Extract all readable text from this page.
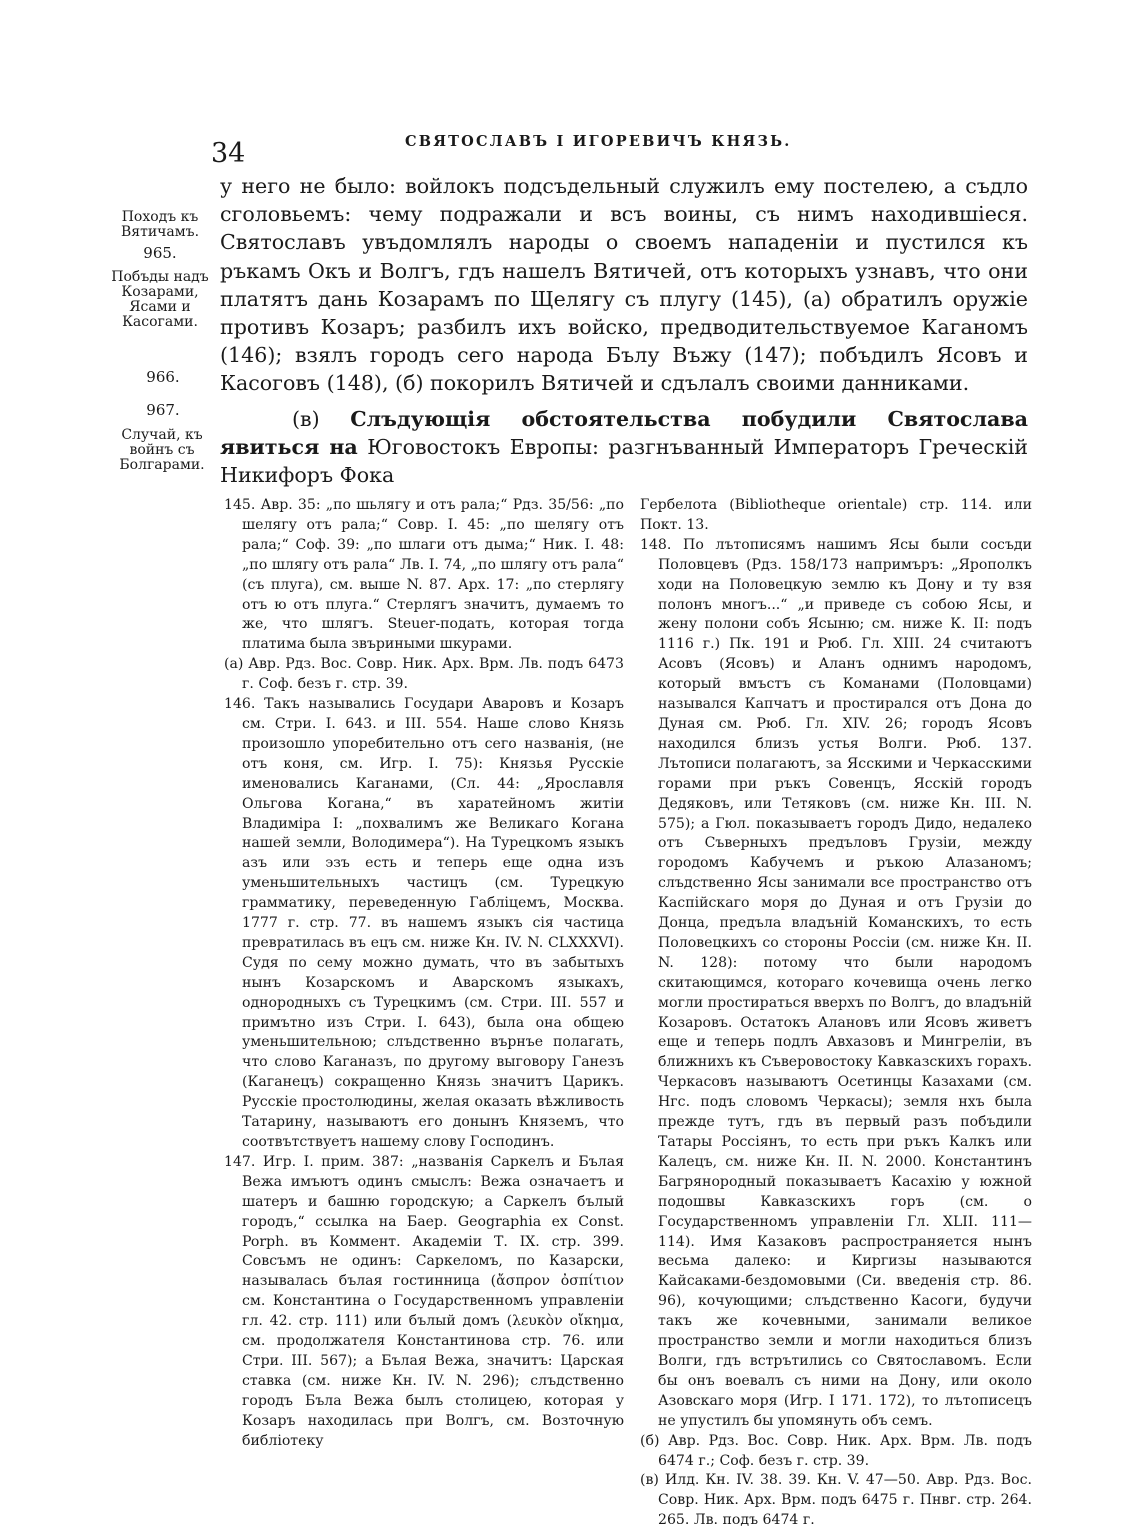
34	СВЯТОСЛАВЪ І ИГОРЕВИЧЪ КНЯЗЬ.
Походъ къ Вятичамъ.
965.
Побъды надъ Козарами, Ясами и Касогами.
966.
967.
Случай, къ войнъ съ Болгарами.

у него не было: войлокъ подсъдельный служилъ ему постелею, а съдло сголовьемъ: чему подражали и всъ воины, съ нимъ находившіеся. Святославъ увъдомлялъ народы о своемъ нападеніи и пустился къ ръкамъ Окъ и Волгъ, гдъ нашелъ Вятичей, отъ которыхъ узнавъ, что они платятъ дань Козарамъ по Щелягу съ плугу (145), (а) обратилъ оружіе противъ Козаръ; разбилъ ихъ войско, предводительствуемое Каганомъ (146); взялъ городъ сего народа Бълу Въжу (147); побъдилъ Ясовъ и Касоговъ (148), (б) покорилъ Вятичей и сдълалъ своими данниками.

(в) Слъдующія обстоятельства побудили Святослава явиться на Юговостокъ Европы: разгнъванный Императоръ Греческій Никифоръ Фока

145. Авр. 35: „по шьлягу и отъ рала;“ Рдз. 35/56: „по шелягу отъ рала;“ Совр. I. 45: „по шелягу отъ рала;“ Соф. 39: „по шлаги отъ дыма;“ Ник. I. 48: „по шлягу отъ рала“ Лв. I. 74, „по шлягу отъ рала“ (съ плуга), см. выше N. 87. Арх. 17: „по стерлягу отъ ю отъ плуга.“ Стерлягъ значитъ, думаемъ то же, что шлягъ. Steuer-подать, которая тогда платима была звъриными шкурами.

(а) Авр. Рдз. Вос. Совр. Ник. Арх. Врм. Лв. подъ 6473 г. Соф. безъ г. стр. 39.

146. Такъ назывались Государи Аваровъ и Козаръ см. Стри. I. 643. и III. 554. Наше слово Князь произошло упоребительно отъ сего названія, (не отъ коня, см. Игр. I. 75): Князья Русскіе именовались Каганами, (Сл. 44: „Ярославля Ольгова Когана,“ въ харатейномъ житіи Владиміра I: „похвалимъ же Великаго Когана нашей земли, Володимера“). На Турецкомъ языкъ азъ или эзъ есть и теперь еще одна изъ уменьшительныхъ частицъ (см. Турецкую грамматику, переведенную Габліцемъ, Москва. 1777 г. стр. 77. въ нашемъ языкъ сія частица превратилась въ ецъ см. ниже Кн. IV. N. CLXXXVI). Судя по сему можно думать, что въ забытыхъ нынъ Козарскомъ и Аварскомъ языкахъ, однородныхъ съ Турецкимъ (см. Стри. III. 557 и примътно изъ Стри. I. 643), была она общею уменьшительною; слъдственно върнъе полагать, что слово Каганазъ, по другому выговору Ганезъ (Каганецъ) сокращенно Князь значитъ Царикъ. Русскіе простолюдины, желая оказать вѣжливость Татарину, называютъ его донынъ Княземъ, что соотвътствуетъ нашему слову Господинъ.

147. Игр. I. прим. 387: „названія Саркелъ и Бълая Вежа имъютъ одинъ смыслъ: Вежа означаетъ и шатеръ и башню городскую; а Саркелъ бълый городъ,“ ссылка на Баер. Geographia ex Const. Porph. въ Коммент. Академіи Т. IX. стр. 399. Совсъмъ не одинъ: Саркеломъ, по Казарски, называлась бълая гостинница (ἄσπρον ὀσπίτιον см. Константина о Государственномъ управленіи гл. 42. стр. 111) или бълый домъ (λευκὸν οἴκημα, см. продолжателя Константинова стр. 76. или Стри. III. 567); а Бълая Вежа, значитъ: Царская ставка (см. ниже Кн. IV. N. 296); слъдственно городъ Бъла Вежа былъ столицею, которая у Козаръ находилась при Волгъ, см. Возточную библіотеку

Гербелота (Bibliotheque orientale) стр. 114. или Покт. 13.

148. По лътописямъ нашимъ Ясы были сосъди Половцевъ (Рдз. 158/173 напримъръ: „Ярополкъ ходи на Половецкую землю къ Дону и ту взя полонъ многъ...“ „и приведе съ собою Ясы, и жену полони собъ Ясыню; см. ниже К. II: подъ 1116 г.) Пк. 191 и Рюб. Гл. XIII. 24 считаютъ Асовъ (Ясовъ) и Аланъ однимъ народомъ, который вмъстъ съ Команами (Половцами) назывался Капчатъ и простирался отъ Дона до Дуная см. Рюб. Гл. XIV. 26; городъ Ясовъ находился близъ устья Волги. Рюб. 137. Лътописи полагаютъ, за Ясскими и Черкасскими горами при ръкъ Совенцъ, Ясскій городъ Дедяковъ, или Тетяковъ (см. ниже Кн. III. N. 575); а Гюл. показываетъ городъ Дидо, недалеко отъ Съверныхъ предъловъ Грузіи, между городомъ Кабучемъ и ръкою Алазаномъ; слъдственно Ясы занимали все пространство отъ Каспійскаго моря до Дуная и отъ Грузіи до Донца, предъла владъній Команскихъ, то есть Половецкихъ со стороны Россіи (см. ниже Кн. II. N. 128): потому что были народомъ скитающимся, котораго кочевища очень легко могли простираться вверхъ по Волгъ, до владъній Козаровъ. Остатокъ Алановъ или Ясовъ живетъ еще и теперь подлъ Авхазовъ и Мингреліи, въ ближнихъ къ Съверовостоку Кавказскихъ горахъ. Черкасовъ называютъ Осетинцы Казахами (см. Нгс. подъ словомъ Черкасы); земля нхъ была прежде тутъ, гдъ въ первый разъ побъдили Татары Россіянъ, то есть при ръкъ Калкъ или Калецъ, см. ниже Кн. II. N. 2000. Константинъ Багрянородный показываетъ Касахію у южной подошвы Кавказскихъ горъ (см. о Государственномъ управленіи Гл. XLII. 111—114). Имя Казаковъ распространяется нынъ весьма далеко: и Киргизы называются Кайсаками-бездомовыми (Си. введенія стр. 86. 96), кочующими; слъдственно Касоги, будучи такъ же кочевными, занимали великое пространство земли и могли находиться близъ Волги, гдъ встрътились со Святославомъ. Если бы онъ воевалъ съ ними на Дону, или около Азовскаго моря (Игр. I 171. 172), то лътописецъ не упустилъ бы упомянуть объ семъ.

(б) Авр. Рдз. Вос. Совр. Ник. Арх. Врм. Лв. подъ 6474 г.; Соф. безъ г. стр. 39.

(в) Илд. Кн. IV. 38. 39. Кн. V. 47—50. Авр. Рдз. Вос. Совр. Ник. Арх. Врм. подъ 6475 г. Пнвг. стр. 264. 265. Лв. подъ 6474 г.
